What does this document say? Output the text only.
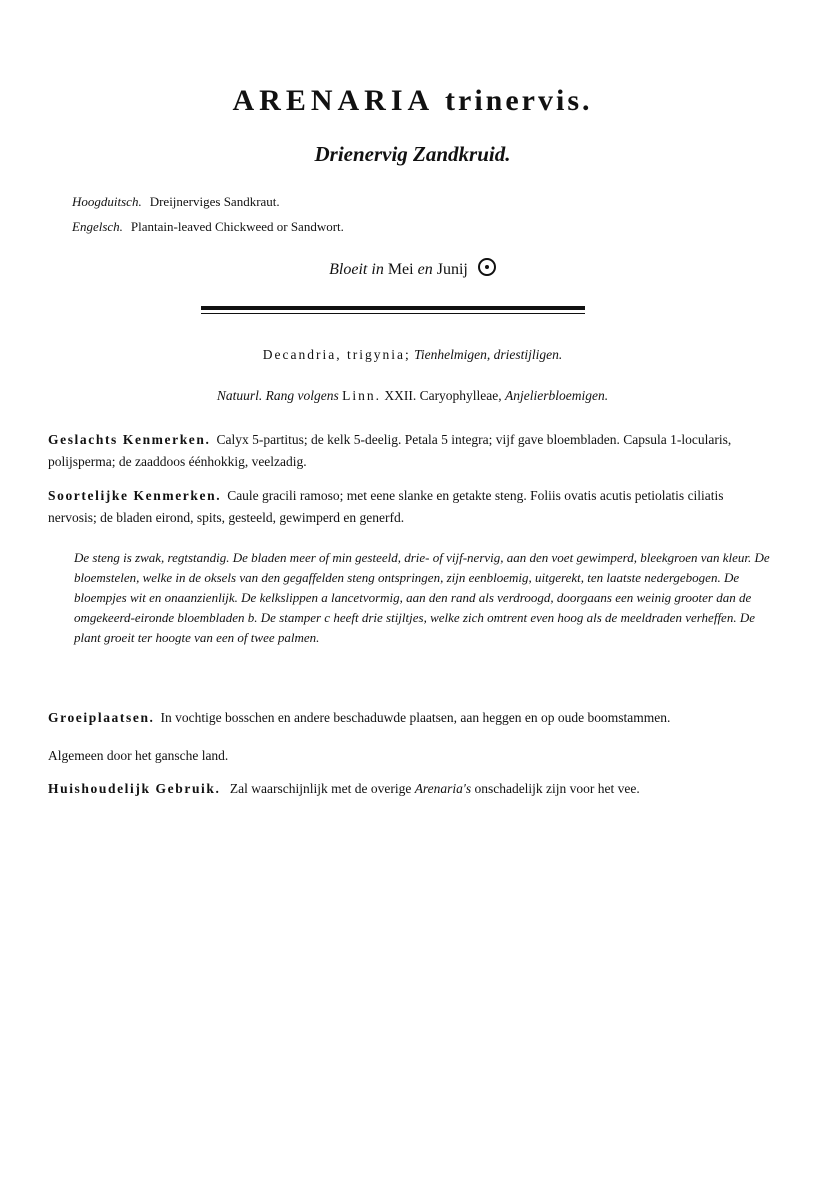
ARENARIA trinervis.
Drienervig Zandkruid.
Hoogduitsch. Dreijnerviges Sandkraut.
Engelsch. Plantain-leaved Chickweed or Sandwort.
Bloeit in Mei en Junij
Decandria, trigynia; Tienhelmigen, driestijligen.
Natuurl. Rang volgens Linn. XXII. Caryophylleae, Anjelierbloemigen.
Geslachts Kenmerken. Calyx 5-partitus; de kelk 5-deelig. Petala 5 integra; vijf gave bloembladen. Capsula 1-locularis, polijsperma; de zaaddoos éénhokkig, veelzadig.
Soortelijke Kenmerken. Caule gracili ramoso; met eene slanke en getakte steng. Foliis ovatis acutis petiolatis ciliatis nervosis; de bladen eirond, spits, gesteeld, gewimperd en generfd.
De steng is zwak, regtstandig. De bladen meer of min gesteeld, drie- of vijf-nervig, aan den voet gewimperd, bleekgroen van kleur. De bloemstelen, welke in de oksels van den gegaffelden steng ontspringen, zijn eenbloemig, uitgerekt, ten laatste nedergebogen. De bloempjes wit en onaanzienlijk. De kelkslippen a lancetvormig, aan den rand als verdroogd, doorgaans een weinig grooter dan de omgekeerd-eironde bloembladen b. De stamper c heeft drie stijltjes, welke zich omtrent even hoog als de meeldraden verheffen. De plant groeit ter hoogte van een of twee palmen.
Groeiplaatsen. In vochtige bosschen en andere beschaduwde plaatsen, aan heggen en op oude boomstammen.
Algemeen door het gansche land.
Huishoudelijk Gebruik. Zal waarschijnlijk met de overige Arenaria's onschadelijk zijn voor het vee.
